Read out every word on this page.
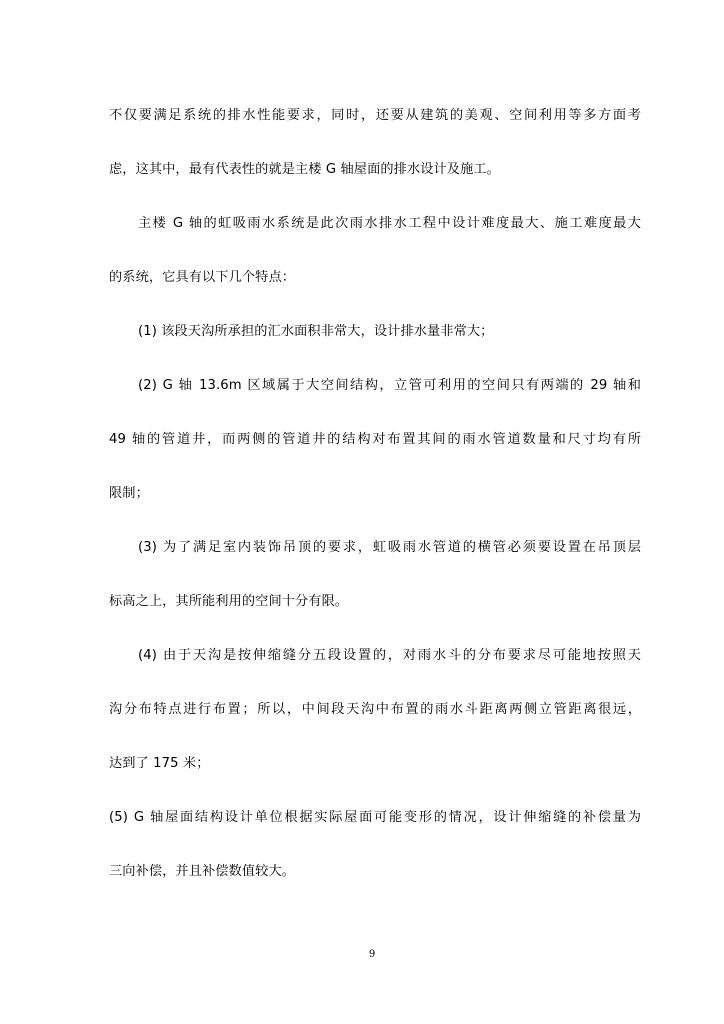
不仅要满足系统的排水性能要求，同时，还要从建筑的美观、空间利用等多方面考
虑，这其中，最有代表性的就是主楼 G 轴屋面的排水设计及施工。
主楼 G 轴的虹吸雨水系统是此次雨水排水工程中设计难度最大、施工难度最大
的系统，它具有以下几个特点：
(1) 该段天沟所承担的汇水面积非常大，设计排水量非常大；
(2) G 轴 13.6m 区域属于大空间结构，立管可利用的空间只有两端的 29 轴和
49 轴的管道井，而两侧的管道井的结构对布置其间的雨水管道数量和尺寸均有所
限制；
(3) 为了满足室内装饰吊顶的要求，虹吸雨水管道的横管必须要设置在吊顶层
标高之上，其所能利用的空间十分有限。
(4) 由于天沟是按伸缩缝分五段设置的，对雨水斗的分布要求尽可能地按照天
沟分布特点进行布置；所以，中间段天沟中布置的雨水斗距离两侧立管距离很远，
达到了 175 米；
(5) G 轴屋面结构设计单位根据实际屋面可能变形的情况，设计伸缩缝的补偿量为
三向补偿，并且补偿数值较大。
9
